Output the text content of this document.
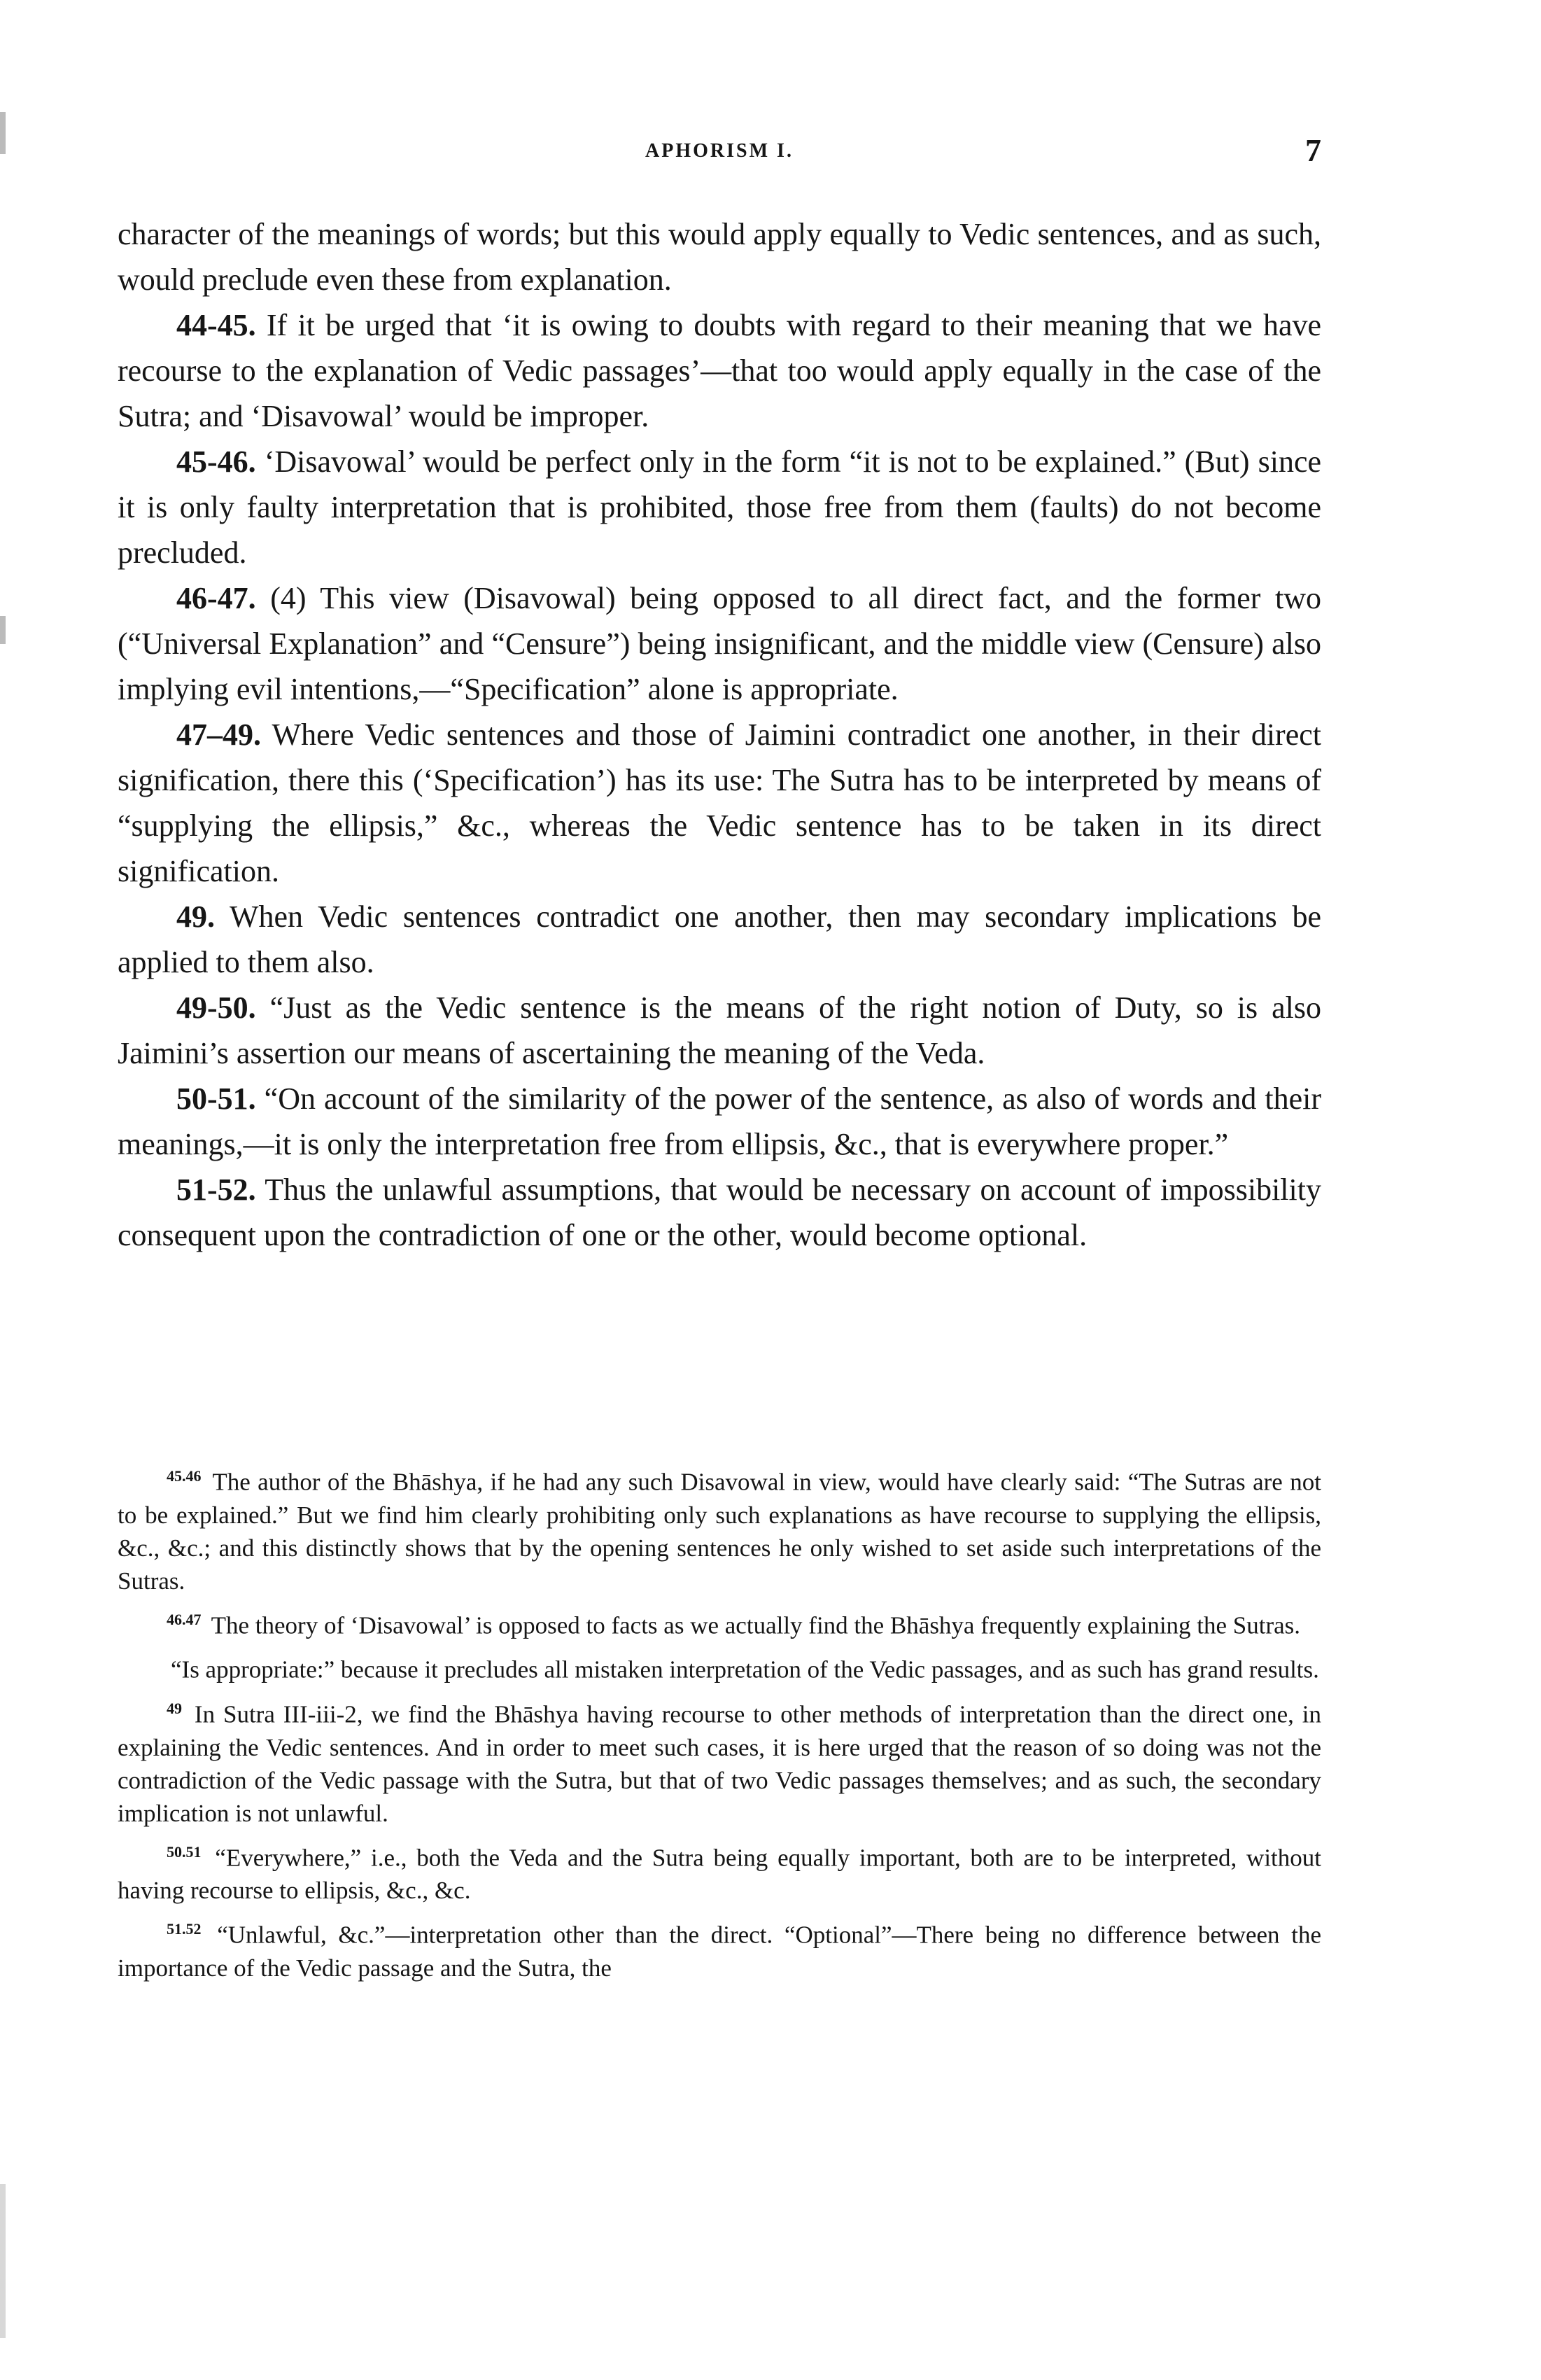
APHORISM I.	7

character of the meanings of words; but this would apply equally to Vedic sentences, and as such, would preclude even these from explanation.

44-45. If it be urged that ‘it is owing to doubts with regard to their meaning that we have recourse to the explanation of Vedic passages’—that too would apply equally in the case of the Sutra; and ‘Disavowal’ would be improper.

45-46. ‘Disavowal’ would be perfect only in the form “it is not to be explained.” (But) since it is only faulty interpretation that is prohibited, those free from them (faults) do not become precluded.

46-47. (4) This view (Disavowal) being opposed to all direct fact, and the former two (“Universal Explanation” and “Censure”) being insignificant, and the middle view (Censure) also implying evil intentions,—“Specification” alone is appropriate.

47–49. Where Vedic sentences and those of Jaimini contradict one another, in their direct signification, there this (‘Specification’) has its use: The Sutra has to be interpreted by means of “supplying the ellipsis,” &c., whereas the Vedic sentence has to be taken in its direct signification.

49. When Vedic sentences contradict one another, then may secondary implications be applied to them also.

49-50. “Just as the Vedic sentence is the means of the right notion of Duty, so is also Jaimini’s assertion our means of ascertaining the meaning of the Veda.

50-51. “On account of the similarity of the power of the sentence, as also of words and their meanings,—it is only the interpretation free from ellipsis, &c., that is everywhere proper.”

51-52. Thus the unlawful assumptions, that would be necessary on account of impossibility consequent upon the contradiction of one or the other, would become optional.

$^{45.46}$ The author of the Bhāshya, if he had any such Disavowal in view, would have clearly said: “The Sutras are not to be explained.” But we find him clearly prohibiting only such explanations as have recourse to supplying the ellipsis, &c., &c.; and this distinctly shows that by the opening sentences he only wished to set aside such interpretations of the Sutras.

$^{46.47}$ The theory of ‘Disavowal’ is opposed to facts as we actually find the Bhāshya frequently explaining the Sutras.

“Is appropriate:” because it precludes all mistaken interpretation of the Vedic passages, and as such has grand results.

$^{49}$ In Sutra III-iii-2, we find the Bhāshya having recourse to other methods of interpretation than the direct one, in explaining the Vedic sentences. And in order to meet such cases, it is here urged that the reason of so doing was not the contradiction of the Vedic passage with the Sutra, but that of two Vedic passages themselves; and as such, the secondary implication is not unlawful.

$^{50.51}$ “Everywhere,” i.e., both the Veda and the Sutra being equally important, both are to be interpreted, without having recourse to ellipsis, &c., &c.

$^{51.52}$ “Unlawful, &c.”—interpretation other than the direct. “Optional”—There being no difference between the importance of the Vedic passage and the Sutra, the
